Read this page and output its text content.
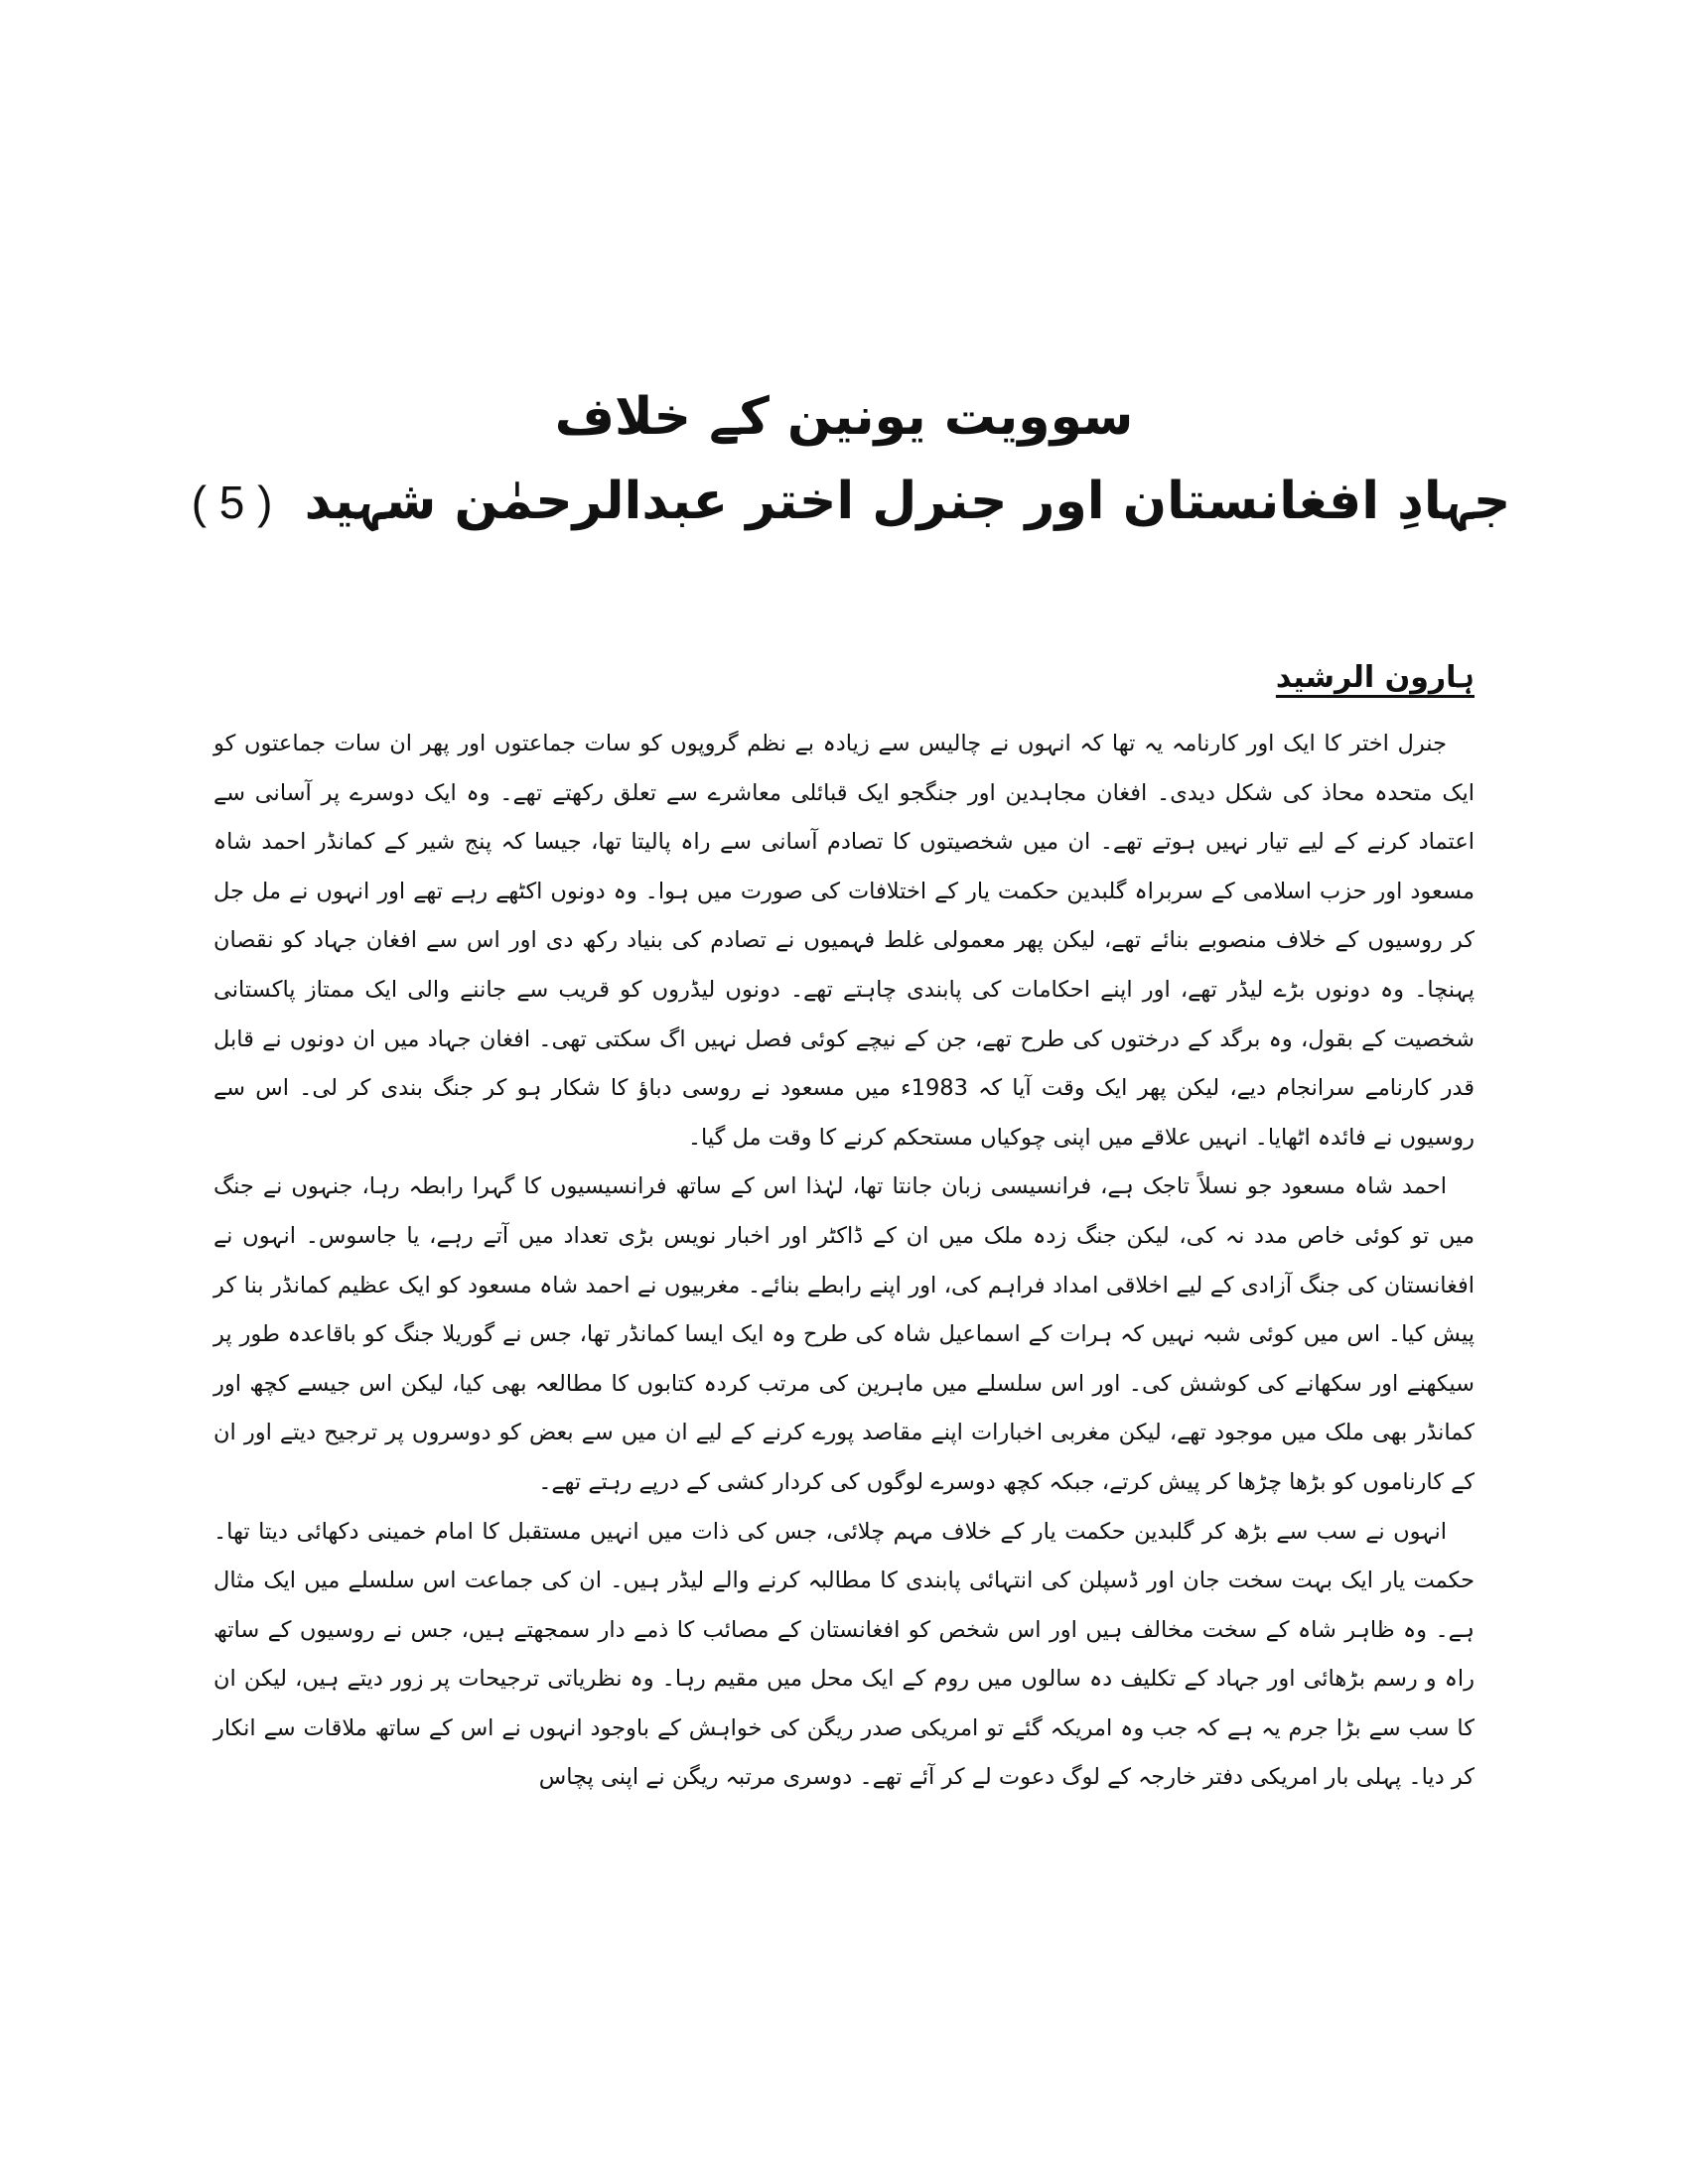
سوویت یونین کے خلاف
جہادِ افغانستان اور جنرل اختر عبدالرحمٰن شہید ( 5 )
ہارون الرشید

جنرل اختر کا ایک اور کارنامہ یہ تھا کہ انہوں نے چالیس سے زیادہ بے نظم گروپوں کو سات جماعتوں اور پھر ان سات جماعتوں کو ایک متحدہ محاذ کی شکل دیدی۔ افغان مجاہدین اور جنگجو ایک قبائلی معاشرے سے تعلق رکھتے تھے۔ وہ ایک دوسرے پر آسانی سے اعتماد کرنے کے لیے تیار نہیں ہوتے تھے۔ ان میں شخصیتوں کا تصادم آسانی سے راہ پالیتا تھا، جیسا کہ پنج شیر کے کمانڈر احمد شاہ مسعود اور حزب اسلامی کے سربراہ گلبدین حکمت یار کے اختلافات کی صورت میں ہوا۔ وہ دونوں اکٹھے رہے تھے اور انہوں نے مل جل کر روسیوں کے خلاف منصوبے بنائے تھے، لیکن پھر معمولی غلط فہمیوں نے تصادم کی بنیاد رکھ دی اور اس سے افغان جہاد کو نقصان پہنچا۔ وہ دونوں بڑے لیڈر تھے، اور اپنے احکامات کی پابندی چاہتے تھے۔ دونوں لیڈروں کو قریب سے جاننے والی ایک ممتاز پاکستانی شخصیت کے بقول، وہ برگد کے درختوں کی طرح تھے، جن کے نیچے کوئی فصل نہیں اگ سکتی تھی۔ افغان جہاد میں ان دونوں نے قابل قدر کارنامے سرانجام دیے، لیکن پھر ایک وقت آیا کہ 1983ء میں مسعود نے روسی دباؤ کا شکار ہو کر جنگ بندی کر لی۔ اس سے روسیوں نے فائدہ اٹھایا۔ انہیں علاقے میں اپنی چوکیاں مستحکم کرنے کا وقت مل گیا۔

احمد شاہ مسعود جو نسلاً تاجک ہے، فرانسیسی زبان جانتا تھا، لہٰذا اس کے ساتھ فرانسیسیوں کا گہرا رابطہ رہا، جنہوں نے جنگ میں تو کوئی خاص مدد نہ کی، لیکن جنگ زدہ ملک میں ان کے ڈاکٹر اور اخبار نویس بڑی تعداد میں آتے رہے، یا جاسوس۔ انہوں نے افغانستان کی جنگ آزادی کے لیے اخلاقی امداد فراہم کی، اور اپنے رابطے بنائے۔ مغربیوں نے احمد شاہ مسعود کو ایک عظیم کمانڈر بنا کر پیش کیا۔ اس میں کوئی شبہ نہیں کہ ہرات کے اسماعیل شاہ کی طرح وہ ایک ایسا کمانڈر تھا، جس نے گوریلا جنگ کو باقاعدہ طور پر سیکھنے اور سکھانے کی کوشش کی۔ اور اس سلسلے میں ماہرین کی مرتب کردہ کتابوں کا مطالعہ بھی کیا، لیکن اس جیسے کچھ اور کمانڈر بھی ملک میں موجود تھے، لیکن مغربی اخبارات اپنے مقاصد پورے کرنے کے لیے ان میں سے بعض کو دوسروں پر ترجیح دیتے اور ان کے کارناموں کو بڑھا چڑھا کر پیش کرتے، جبکہ کچھ دوسرے لوگوں کی کردار کشی کے درپے رہتے تھے۔

انہوں نے سب سے بڑھ کر گلبدین حکمت یار کے خلاف مہم چلائی، جس کی ذات میں انہیں مستقبل کا امام خمینی دکھائی دیتا تھا۔ حکمت یار ایک بہت سخت جان اور ڈسپلن کی انتہائی پابندی کا مطالبہ کرنے والے لیڈر ہیں۔ ان کی جماعت اس سلسلے میں ایک مثال ہے۔ وہ ظاہر شاہ کے سخت مخالف ہیں اور اس شخص کو افغانستان کے مصائب کا ذمے دار سمجھتے ہیں، جس نے روسیوں کے ساتھ راہ و رسم بڑھائی اور جہاد کے تکلیف دہ سالوں میں روم کے ایک محل میں مقیم رہا۔ وہ نظریاتی ترجیحات پر زور دیتے ہیں، لیکن ان کا سب سے بڑا جرم یہ ہے کہ جب وہ امریکہ گئے تو امریکی صدر ریگن کی خواہش کے باوجود انہوں نے اس کے ساتھ ملاقات سے انکار کر دیا۔ پہلی بار امریکی دفتر خارجہ کے لوگ دعوت لے کر آئے تھے۔ دوسری مرتبہ ریگن نے اپنی پچاس
